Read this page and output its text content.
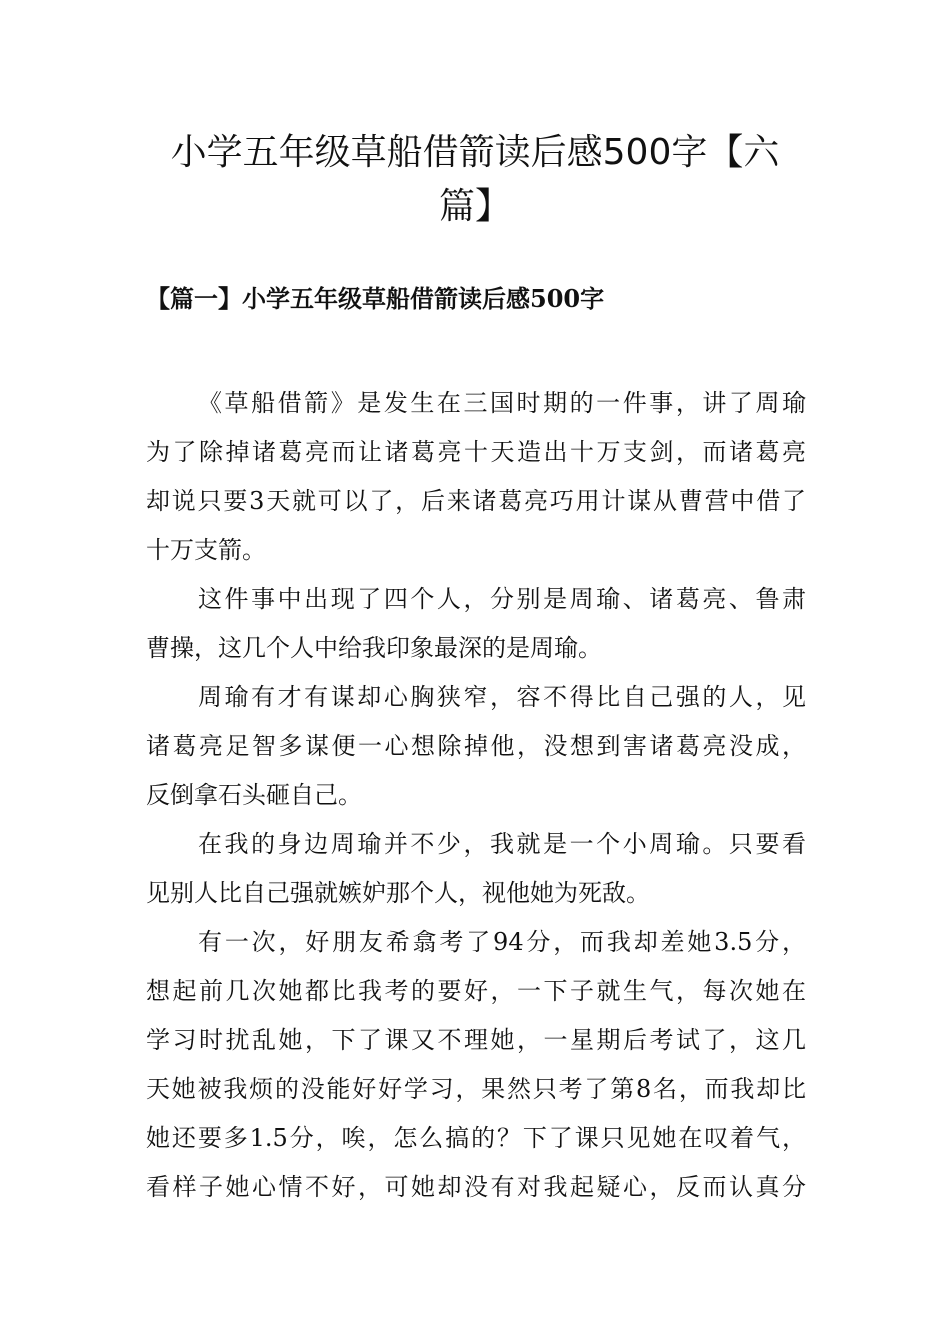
小学五年级草船借箭读后感500字【六
篇】
【篇一】小学五年级草船借箭读后感500字

《草船借箭》是发生在三国时期的一件事，讲了周瑜
为了除掉诸葛亮而让诸葛亮十天造出十万支剑，而诸葛亮
却说只要3天就可以了，后来诸葛亮巧用计谋从曹营中借了
十万支箭。

这件事中出现了四个人，分别是周瑜、诸葛亮、鲁肃
曹操，这几个人中给我印象最深的是周瑜。

周瑜有才有谋却心胸狭窄，容不得比自己强的人，见
诸葛亮足智多谋便一心想除掉他，没想到害诸葛亮没成，
反倒拿石头砸自己。

在我的身边周瑜并不少，我就是一个小周瑜。只要看
见别人比自己强就嫉妒那个人，视他她为死敌。

有一次，好朋友希翕考了94分，而我却差她3.5分，
想起前几次她都比我考的要好，一下子就生气，每次她在
学习时扰乱她，下了课又不理她，一星期后考试了，这几
天她被我烦的没能好好学习，果然只考了第8名，而我却比
她还要多1.5分，唉，怎么搞的？下了课只见她在叹着气，
看样子她心情不好，可她却没有对我起疑心，反而认真分
